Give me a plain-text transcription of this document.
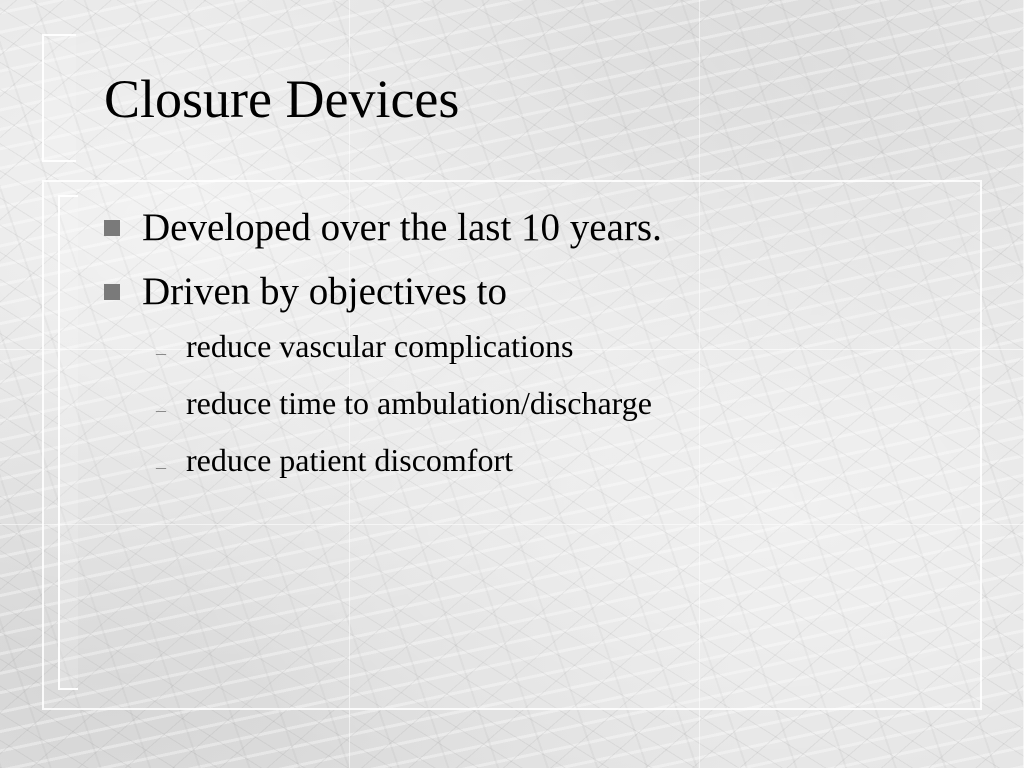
Closure Devices
Developed over the last 10 years.
Driven by objectives to
– reduce vascular complications
– reduce time to ambulation/discharge
– reduce patient discomfort
